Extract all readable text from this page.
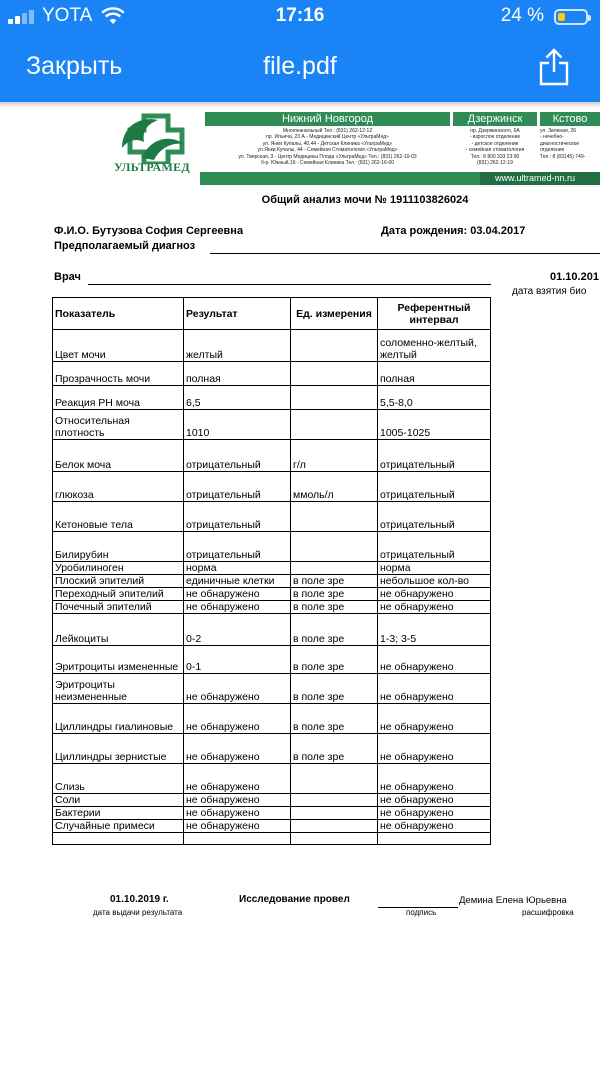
YOTA	17:16	24 %
Закрыть	file.pdf
УЛЬТРАМЕД
Нижний Новгород	Дзержинск	Кстово
Многоканальный Тел.: (831) 262-12-12
пр. Ильича, 23 А - Медицинский Центр «УльтраМед»
ул. Янки Купалы, 40,44 - Детская Клиника «УльтраМед»
ул.Янки Купалы, 44 - Семейная Стоматология «УльтраМед»
ул. Тверская, 3 - Центр Медицины Плода «УльтраМед» Тел.: (831) 262-10-03
б-р. Южный,16 - Семейная Клиника Тел.: (831) 262-16-00
пр. Дзержинского, 6А
- взрослое отделение
- детское отделение
- семейная стоматология
Тел.: 8 800 333 23 90
(831) 262-12-19
ул. Зеленая, 26
- нечебно-
диагностическое
отделение
Тел.: 8 (83145) 749-
www.ultramed-nn.ru
Общий анализ мочи № 1911103826024
Ф.И.О. Бутузова София Сергеевна	Дата рождения: 03.04.2017
Предполагаемый диагноз
Врач	01.10.201
дата взятия био
Показатель	Результат	Ед. измерения	Референтный интервал
Цвет мочи	желтый		соломенно-желтый, желтый
Прозрачность мочи	полная		полная
Реакция PH моча	6,5		5,5-8,0
Относительная плотность	1010		1005-1025
Белок моча	отрицательный	г/л	отрицательный
глюкоза	отрицательный	ммоль/л	отрицательный
Кетоновые тела	отрицательный		отрицательный
Билирубин	отрицательный		отрицательный
Уробилиноген	норма		норма
Плоский эпителий	единичные клетки	в поле зре	небольшое кол-во
Переходный эпителий	не обнаружено	в поле зре	не обнаружено
Почечный эпителий	не обнаружено	в поле зре	не обнаружено
Лейкоциты	0-2	в поле зре	1-3; 3-5
Эритроциты измененные	0-1	в поле зре	не обнаружено
Эритроциты неизмененные	не обнаружено	в поле зре	не обнаружено
Циллиндры гиалиновые	не обнаружено	в поле зре	не обнаружено
Циллиндры зернистые	не обнаружено	в поле зре	не обнаружено
Слизь	не обнаружено		не обнаружено
Соли	не обнаружено		не обнаружено
Бактерии	не обнаружено		не обнаружено
Случайные примеси	не обнаружено		не обнаружено

01.10.2019 г.
дата выдачи результата
Исследование провел
подпись
Демина Елена Юрьевна
расшифровка
